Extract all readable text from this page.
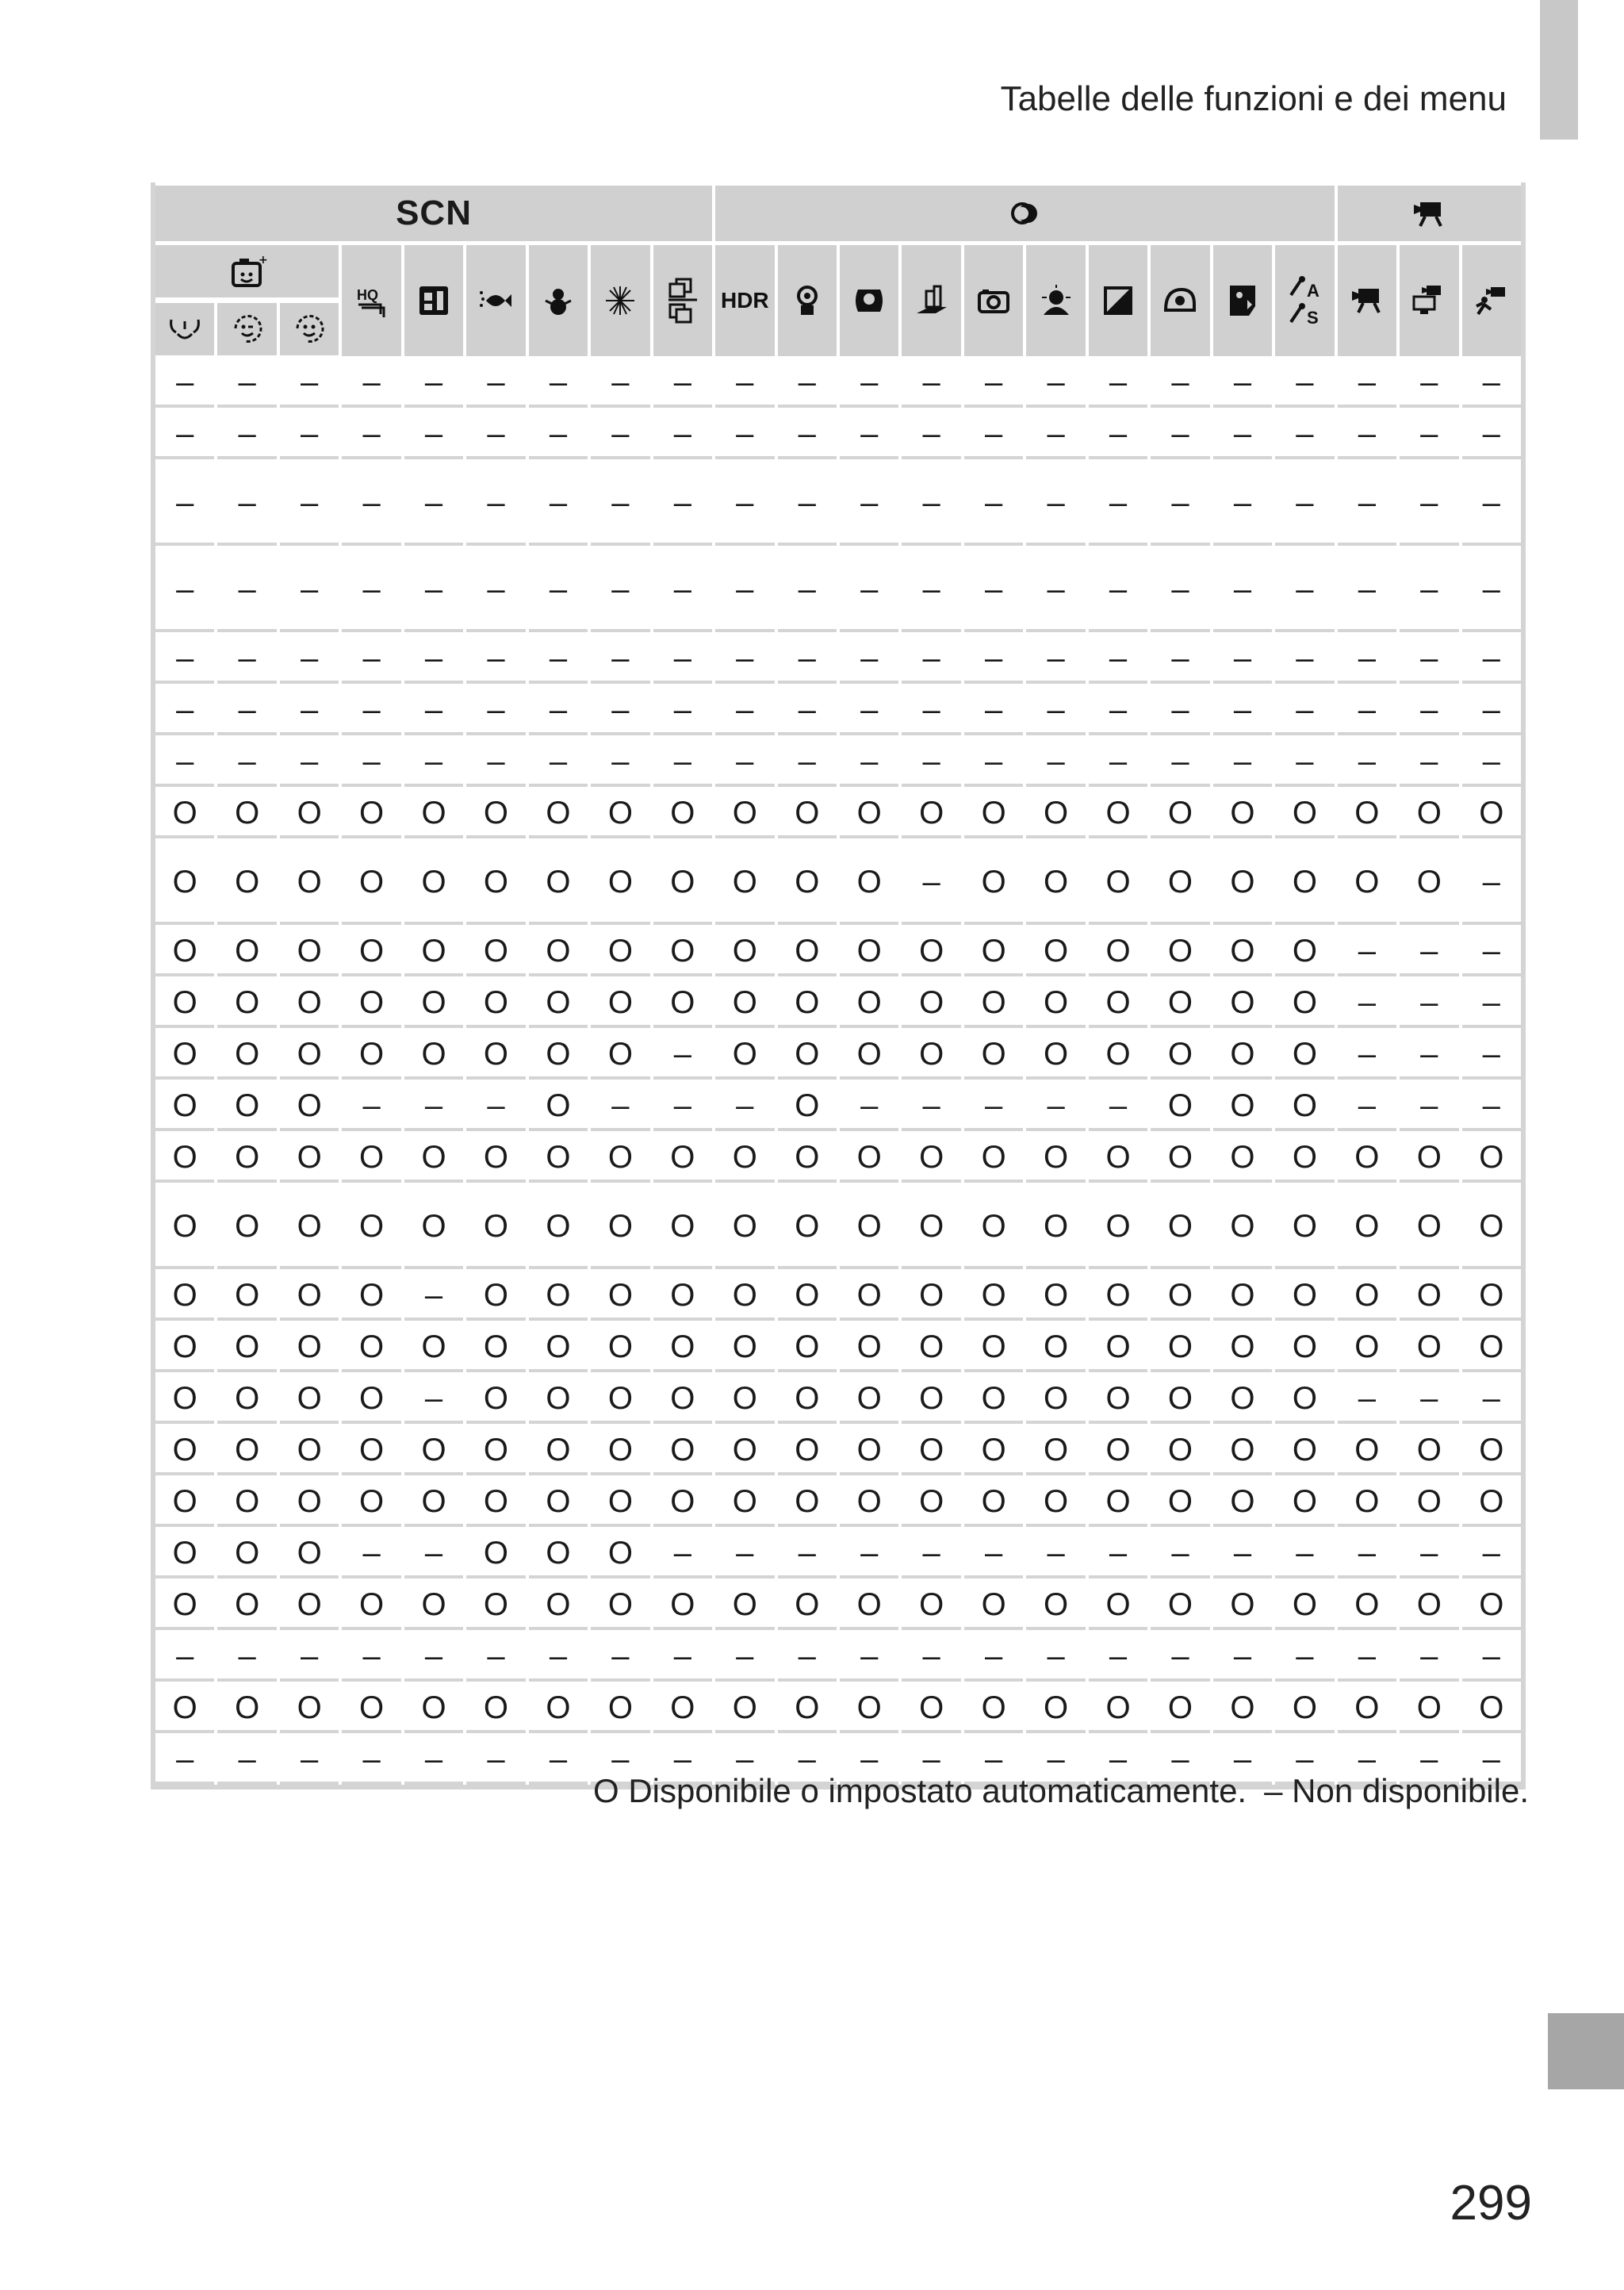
Tabelle delle funzioni e dei menu
SCN
+
HQ	HDR	A
S
–	–	–	–	–	–	–	–	–	–	–	–	–	–	–	–	–	–	–	–	–	–
–	–	–	–	–	–	–	–	–	–	–	–	–	–	–	–	–	–	–	–	–	–
–	–	–	–	–	–	–	–	–	–	–	–	–	–	–	–	–	–	–	–	–	–
–	–	–	–	–	–	–	–	–	–	–	–	–	–	–	–	–	–	–	–	–	–
–	–	–	–	–	–	–	–	–	–	–	–	–	–	–	–	–	–	–	–	–	–
–	–	–	–	–	–	–	–	–	–	–	–	–	–	–	–	–	–	–	–	–	–
–	–	–	–	–	–	–	–	–	–	–	–	–	–	–	–	–	–	–	–	–	–
O	O	O	O	O	O	O	O	O	O	O	O	O	O	O	O	O	O	O	O	O	O
O	O	O	O	O	O	O	O	O	O	O	O	–	O	O	O	O	O	O	O	O	–
O	O	O	O	O	O	O	O	O	O	O	O	O	O	O	O	O	O	O	–	–	–
O	O	O	O	O	O	O	O	O	O	O	O	O	O	O	O	O	O	O	–	–	–
O	O	O	O	O	O	O	O	–	O	O	O	O	O	O	O	O	O	O	–	–	–
O	O	O	–	–	–	O	–	–	–	O	–	–	–	–	–	O	O	O	–	–	–
O	O	O	O	O	O	O	O	O	O	O	O	O	O	O	O	O	O	O	O	O	O
O	O	O	O	O	O	O	O	O	O	O	O	O	O	O	O	O	O	O	O	O	O
O	O	O	O	–	O	O	O	O	O	O	O	O	O	O	O	O	O	O	O	O	O
O	O	O	O	O	O	O	O	O	O	O	O	O	O	O	O	O	O	O	O	O	O
O	O	O	O	–	O	O	O	O	O	O	O	O	O	O	O	O	O	O	–	–	–
O	O	O	O	O	O	O	O	O	O	O	O	O	O	O	O	O	O	O	O	O	O
O	O	O	O	O	O	O	O	O	O	O	O	O	O	O	O	O	O	O	O	O	O
O	O	O	–	–	O	O	O	–	–	–	–	–	–	–	–	–	–	–	–	–	–
O	O	O	O	O	O	O	O	O	O	O	O	O	O	O	O	O	O	O	O	O	O
–	–	–	–	–	–	–	–	–	–	–	–	–	–	–	–	–	–	–	–	–	–
O	O	O	O	O	O	O	O	O	O	O	O	O	O	O	O	O	O	O	O	O	O
–	–	–	–	–	–	–	–	–	–	–	–	–	–	–	–	–	–	–	–	–	–
O Disponibile o impostato automaticamente. – Non disponibile.
299
